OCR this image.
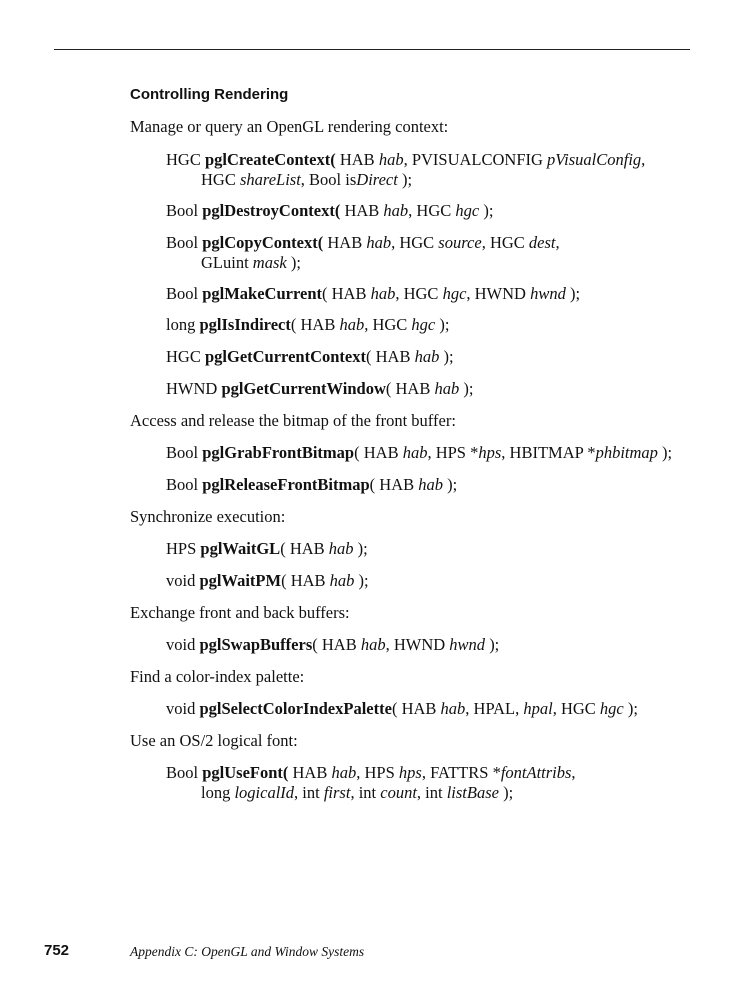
Controlling Rendering
Manage or query an OpenGL rendering context:
HGC pglCreateContext( HAB hab, PVISUALCONFIG pVisualConfig,
HGC shareList, Bool isDirect );
Bool pglDestroyContext( HAB hab, HGC hgc );
Bool pglCopyContext( HAB hab, HGC source, HGC dest,
GLuint mask );
Bool pglMakeCurrent( HAB hab, HGC hgc, HWND hwnd );
long pglIsIndirect( HAB hab, HGC hgc );
HGC pglGetCurrentContext( HAB hab );
HWND pglGetCurrentWindow( HAB hab );
Access and release the bitmap of the front buffer:
Bool pglGrabFrontBitmap( HAB hab, HPS *hps, HBITMAP *phbitmap );
Bool pglReleaseFrontBitmap( HAB hab );
Synchronize execution:
HPS pglWaitGL( HAB hab );
void pglWaitPM( HAB hab );
Exchange front and back buffers:
void pglSwapBuffers( HAB hab, HWND hwnd );
Find a color-index palette:
void pglSelectColorIndexPalette( HAB hab, HPAL, hpal, HGC hgc );
Use an OS/2 logical font:
Bool pglUseFont( HAB hab, HPS hps, FATTRS *fontAttribs,
long logicalId, int first, int count, int listBase );
752	Appendix C: OpenGL and Window Systems
